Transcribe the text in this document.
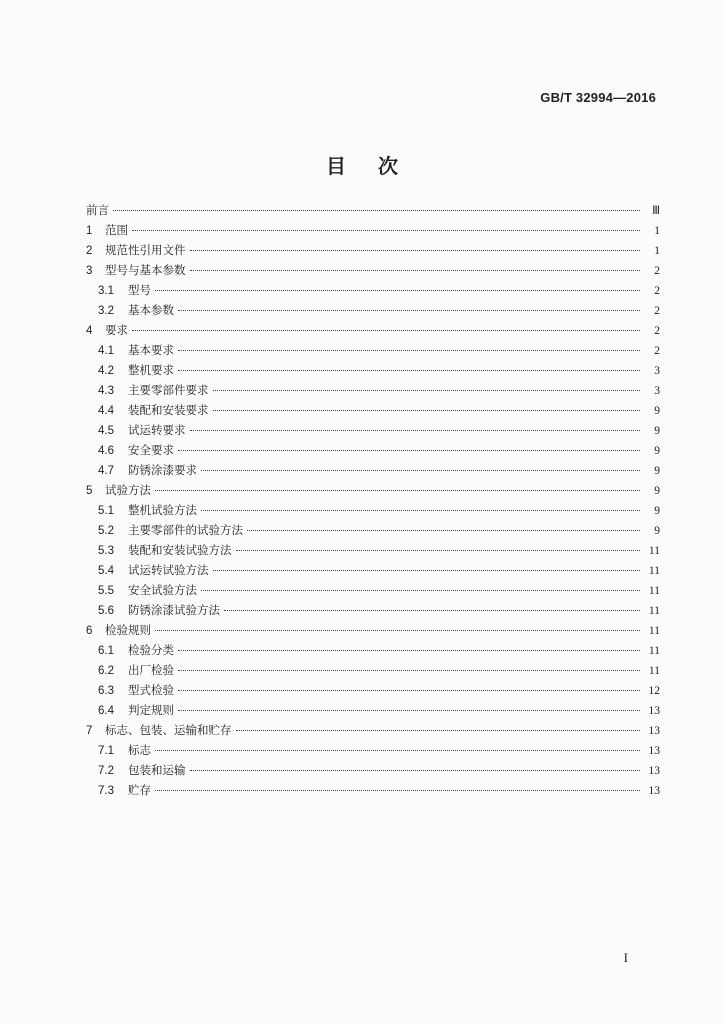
GB/T 32994—2016
目 次
前言	Ⅲ
1	范围	1
2	规范性引用文件	1
3	型号与基本参数	2
3.1	型号	2
3.2	基本参数	2
4	要求	2
4.1	基本要求	2
4.2	整机要求	3
4.3	主要零部件要求	3
4.4	装配和安装要求	9
4.5	试运转要求	9
4.6	安全要求	9
4.7	防锈涂漆要求	9
5	试验方法	9
5.1	整机试验方法	9
5.2	主要零部件的试验方法	9
5.3	装配和安装试验方法	11
5.4	试运转试验方法	11
5.5	安全试验方法	11
5.6	防锈涂漆试验方法	11
6	检验规则	11
6.1	检验分类	11
6.2	出厂检验	11
6.3	型式检验	12
6.4	判定规则	13
7	标志、包装、运输和贮存	13
7.1	标志	13
7.2	包装和运输	13
7.3	贮存	13
I
